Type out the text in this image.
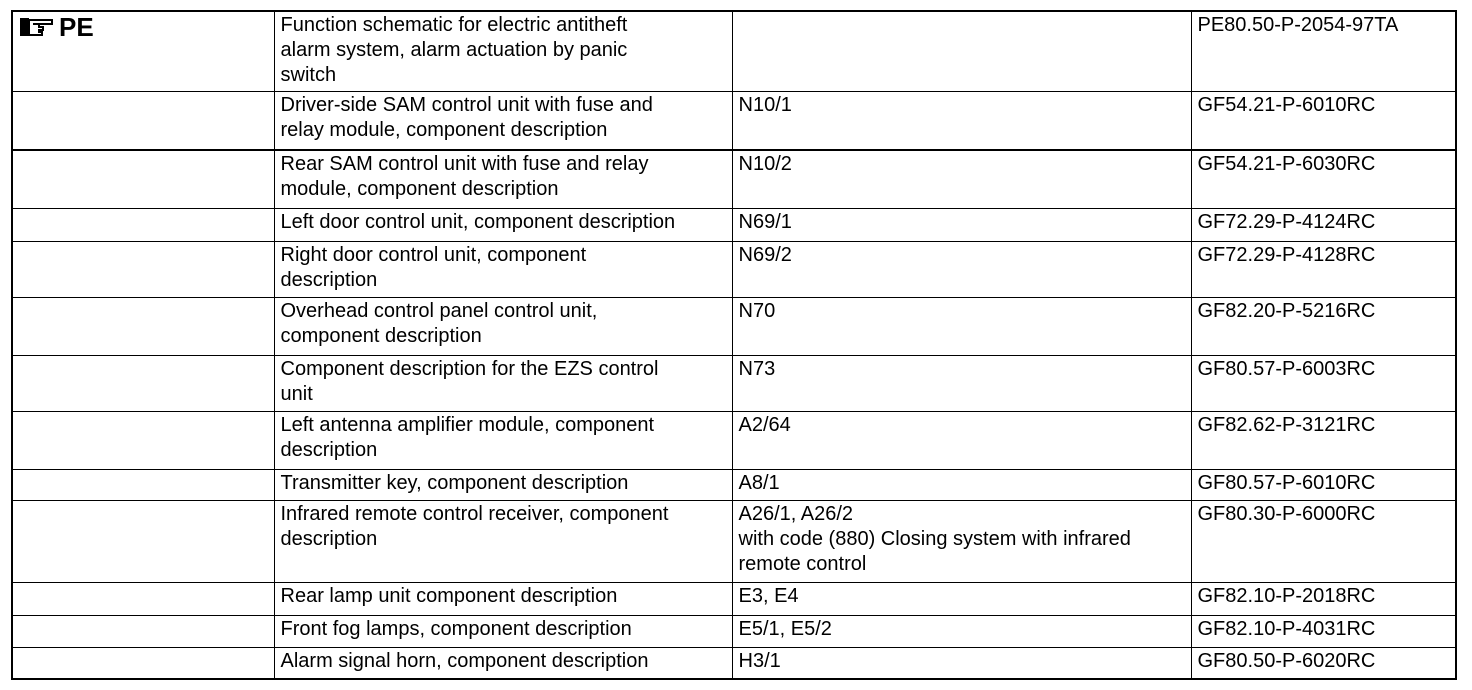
PE	Function schematic for electric antitheft
alarm system, alarm actuation by panic
switch		PE80.50-P-2054-97TA

	Driver-side SAM control unit with fuse and
relay module, component description	N10/1	GF54.21-P-6010RC

	Rear SAM control unit with fuse and relay
module, component description	N10/2	GF54.21-P-6030RC

	Left door control unit, component description	N69/1	GF72.29-P-4124RC

	Right door control unit, component
description	N69/2	GF72.29-P-4128RC

	Overhead control panel control unit,
component description	N70	GF82.20-P-5216RC

	Component description for the EZS control
unit	N73	GF80.57-P-6003RC

	Left antenna amplifier module, component
description	A2/64	GF82.62-P-3121RC

	Transmitter key, component description	A8/1	GF80.57-P-6010RC

	Infrared remote control receiver, component
description	A26/1, A26/2
with code (880) Closing system with infrared
remote control	GF80.30-P-6000RC

	Rear lamp unit component description	E3, E4	GF82.10-P-2018RC

	Front fog lamps, component description	E5/1, E5/2	GF82.10-P-4031RC

	Alarm signal horn, component description	H3/1	GF80.50-P-6020RC
